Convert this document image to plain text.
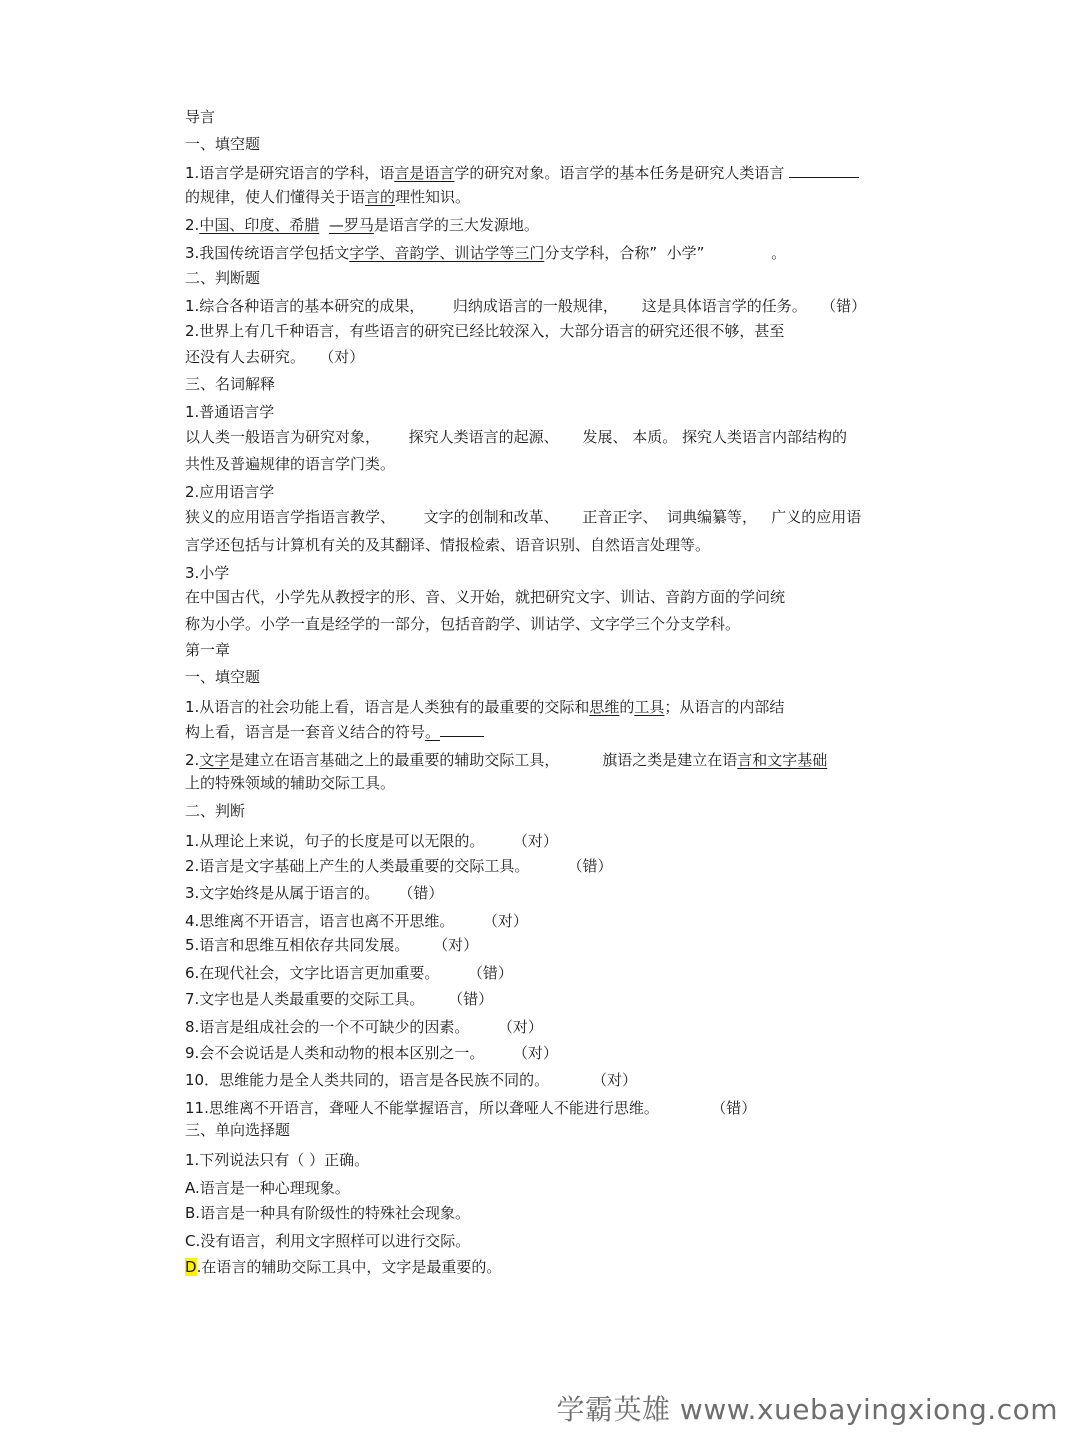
导言
一、填空题
1.语言学是研究语言的学科，语言是语言学的研究对象。语言学的基本任务是研究人类语言
的规律，使人们懂得关于语言的理性知识。
2.中国、印度、希腊 —罗马是语言学的三大发源地。
3.我国传统语言学包括文字学、音韵学、训诂学等三门分支学科，合称”  小学”	。
二、判断题
1.综合各种语言的基本研究的成果，      归纳成语言的一般规律，     这是具体语言学的任务。   （错）
2.世界上有几千种语言，有些语言的研究已经比较深入，大部分语言的研究还很不够，甚至
还没有人去研究。   （对）
三、名词解释
1.普通语言学
以人类一般语言为研究对象，      探究人类语言的起源、     发展、 本质。 探究人类语言内部结构的
共性及普遍规律的语言学门类。
2.应用语言学
狭义的应用语言学指语言教学、      文字的创制和改革、     正音正字、  词典编纂等，   广义的应用语
言学还包括与计算机有关的及其翻译、情报检索、语音识别、自然语言处理等。
3.小学
在中国古代，小学先从教授字的形、音、义开始，就把研究文字、训诂、音韵方面的学问统
称为小学。小学一直是经学的一部分，包括音韵学、训诂学、文字学三个分支学科。
第一章
一、填空题
1.从语言的社会功能上看，语言是人类独有的最重要的交际和思维的工具；从语言的内部结
构上看，语言是一套音义结合的符号。
2.文字是建立在语言基础之上的最重要的辅助交际工具，         旗语之类是建立在语言和文字基础
上的特殊领域的辅助交际工具。
二、判断
1.从理论上来说，句子的长度是可以无限的。      （对）
2.语言是文字基础上产生的人类最重要的交际工具。        （错）
3.文字始终是从属于语言的。    （错）
4.思维离不开语言，语言也离不开思维。      （对）
5.语言和思维互相依存共同发展。     （对）
6.在现代社会，文字比语言更加重要。      （错）
7.文字也是人类最重要的交际工具。     （错）
8.语言是组成社会的一个不可缺少的因素。      （对）
9.会不会说话是人类和动物的根本区别之一。      （对）
10．思维能力是全人类共同的，语言是各民族不同的。         （对）
11.思维离不开语言，聋哑人不能掌握语言，所以聋哑人不能进行思维。           （错）
三、单向选择题
1.下列说法只有（ ）正确。
A.语言是一种心理现象。
B.语言是一种具有阶级性的特殊社会现象。
C.没有语言，利用文字照样可以进行交际。
D.在语言的辅助交际工具中，文字是最重要的。
学霸英雄 www.xuebayingxiong.com
